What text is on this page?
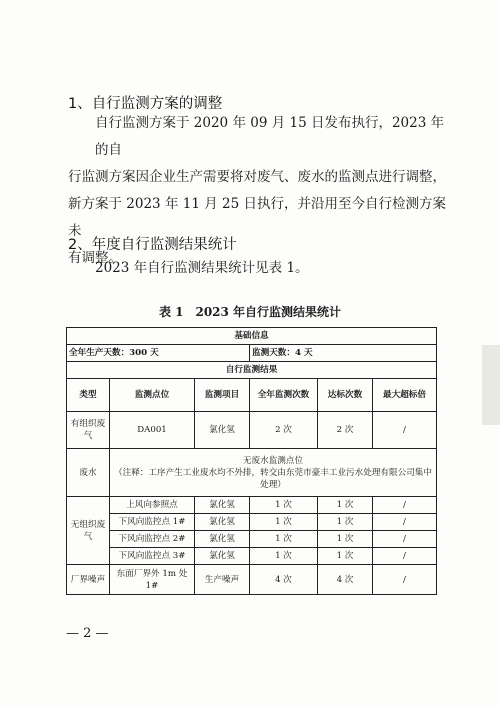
1、自行监测方案的调整
自行监测方案于 2020 年 09 月 15 日发布执行，2023 年的自
行监测方案因企业生产需要将对废气、废水的监测点进行调整，
新方案于 2023 年 11 月 25 日执行，并沿用至今自行检测方案未
有调整。
2、年度自行监测结果统计
2023 年自行监测结果统计见表 1。
表 1　2023 年自行监测结果统计
基础信息					
全年生产天数：300 天			监测天数：4 天		
自行监测结果					
类型	监测点位	监测项目	全年监测次数	达标次数	最大超标倍
有组织废气	DA001	氯化氢	2 次	2 次	/
废水	无废水监测点位
（注释：工序产生工业废水均不外排，转交由东莞市豪丰工业污水处理有限公司集中处理）				

无组织废气	上风向参照点	氯化氢	1 次	1 次	/
	下风向监控点 1#	氯化氢	1 次	1 次	/
	下风向监控点 2#	氯化氢	1 次	1 次	/
	下风向监控点 3#	氯化氢	1 次	1 次	/
厂界噪声	东面厂界外 1m 处 1#	生产噪声	4 次	4 次	/
— 2 —
